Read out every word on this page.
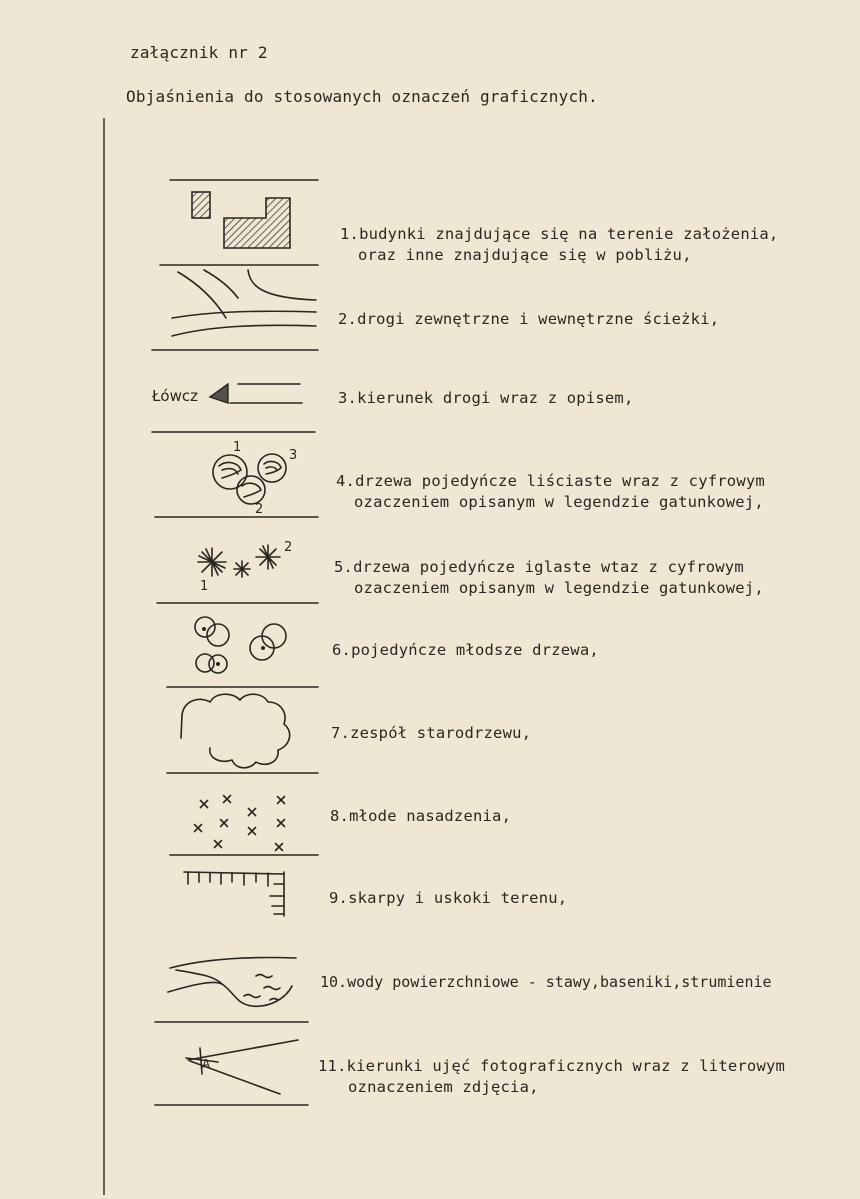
załącznik nr 2
Objaśnienia do stosowanych oznaczeń graficznych.
Łówcz
1
3
2
1
2
A
1.budynki znajdujące się na terenie założenia,
oraz inne znajdujące się w pobliżu,
2.drogi zewnętrzne i wewnętrzne ścieżki,
3.kierunek drogi wraz z opisem,
4.drzewa pojedyńcze liściaste wraz z cyfrowym
ozaczeniem opisanym w legendzie gatunkowej,
5.drzewa pojedyńcze iglaste wtaz z cyfrowym
ozaczeniem opisanym w legendzie gatunkowej,
6.pojedyńcze młodsze drzewa,
7.zespół starodrzewu,
8.młode nasadzenia,
9.skarpy i uskoki terenu,
10.wody powierzchniowe - stawy,baseniki,strumienie
11.kierunki ujęć fotograficznych wraz z literowym
oznaczeniem zdjęcia,
